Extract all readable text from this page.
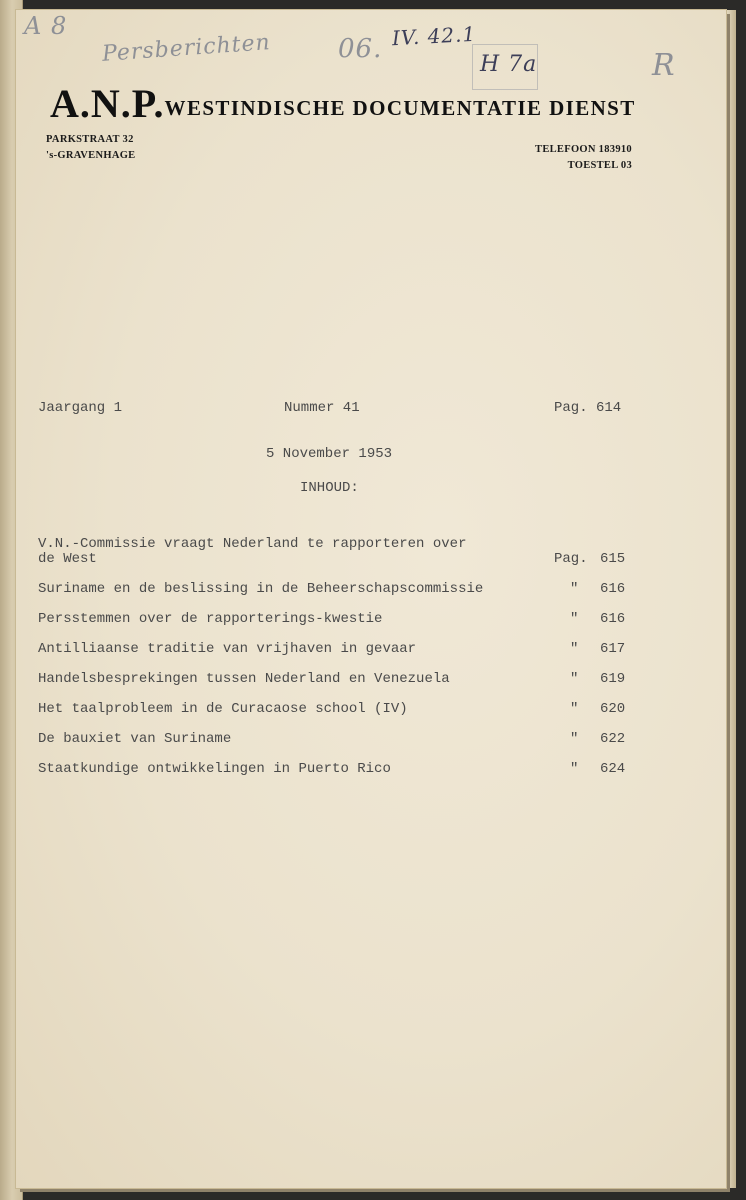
A 8
Persberichten	06. IV. 42.1
H 7a	R
A.N.P.WESTINDISCHE DOCUMENTATIE DIENST
PARKSTRAAT 32
's-GRAVENHAGE
TELEFOON 183910
TOESTEL 03
Jaargang 1	Nummer 41	Pag. 614
5 November 1953
INHOUD:
V.N.-Commissie vraagt Nederland te rapporteren over
de West	Pag. 615
Suriname en de beslissing in de Beheerschapscommissie	" 616
Persstemmen over de rapporterings-kwestie	" 616
Antilliaanse traditie van vrijhaven in gevaar	" 617
Handelsbesprekingen tussen Nederland en Venezuela	" 619
Het taalprobleem in de Curacaose school (IV)	" 620
De bauxiet van Suriname	" 622
Staatkundige ontwikkelingen in Puerto Rico	" 624
